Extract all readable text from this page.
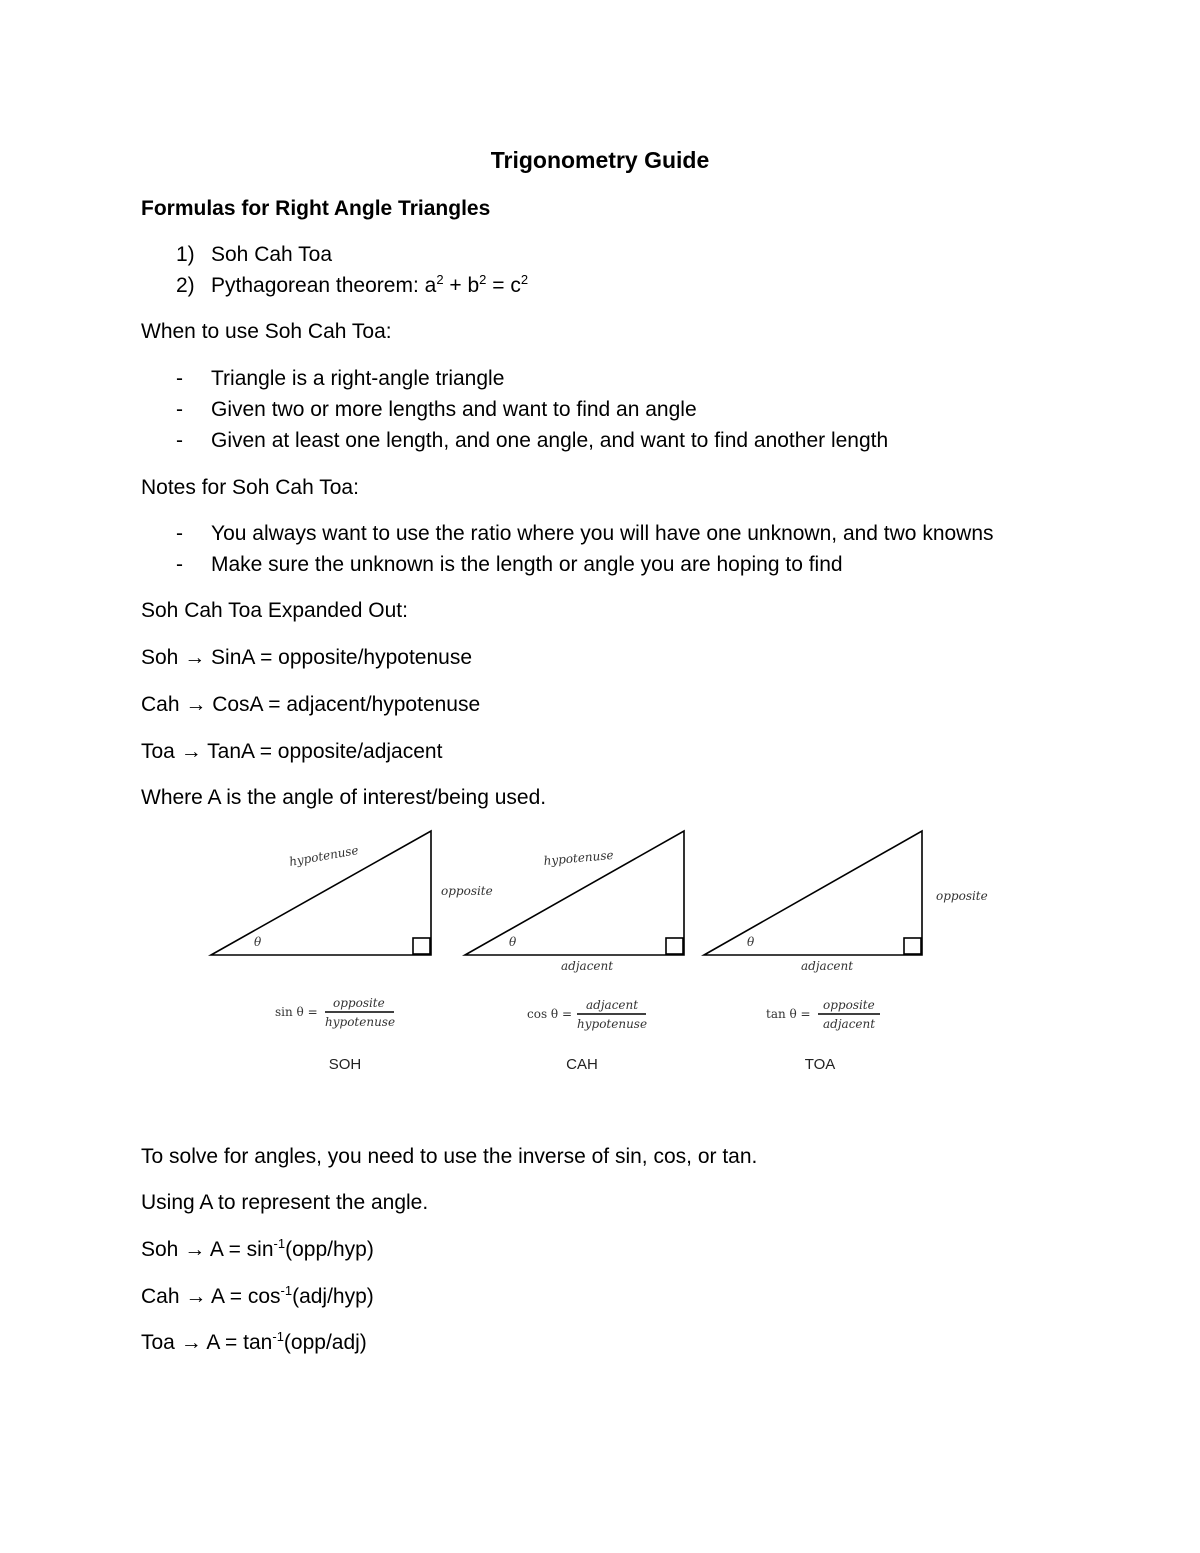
Trigonometry Guide
Formulas for Right Angle Triangles
1) Soh Cah Toa
2) Pythagorean theorem: $a^2 + b^2 = c^2$
When to use Soh Cah Toa:
- Triangle is a right-angle triangle
- Given two or more lengths and want to find an angle
- Given at least one length, and one angle, and want to find another length
Notes for Soh Cah Toa:
- You always want to use the ratio where you will have one unknown, and two knowns
- Make sure the unknown is the length or angle you are hoping to find
Soh Cah Toa Expanded Out:
Soh → SinA = opposite/hypotenuse
Cah → CosA = adjacent/hypotenuse
Toa → TanA = opposite/adjacent
Where A is the angle of interest/being used.
hypotenuse
opposite
θ
hypotenuse
θ
adjacent
opposite
θ
adjacent
sin θ =
opposite
hypotenuse
cos θ =
adjacent
hypotenuse
tan θ =
opposite
adjacent
SOH	CAH	TOA
To solve for angles, you need to use the inverse of sin, cos, or tan.
Using A to represent the angle.
Soh → $A = \sin^{-1}(opp/hyp)$
Cah → $A = \cos^{-1}(adj/hyp)$
Toa → $A = \tan^{-1}(opp/adj)$
